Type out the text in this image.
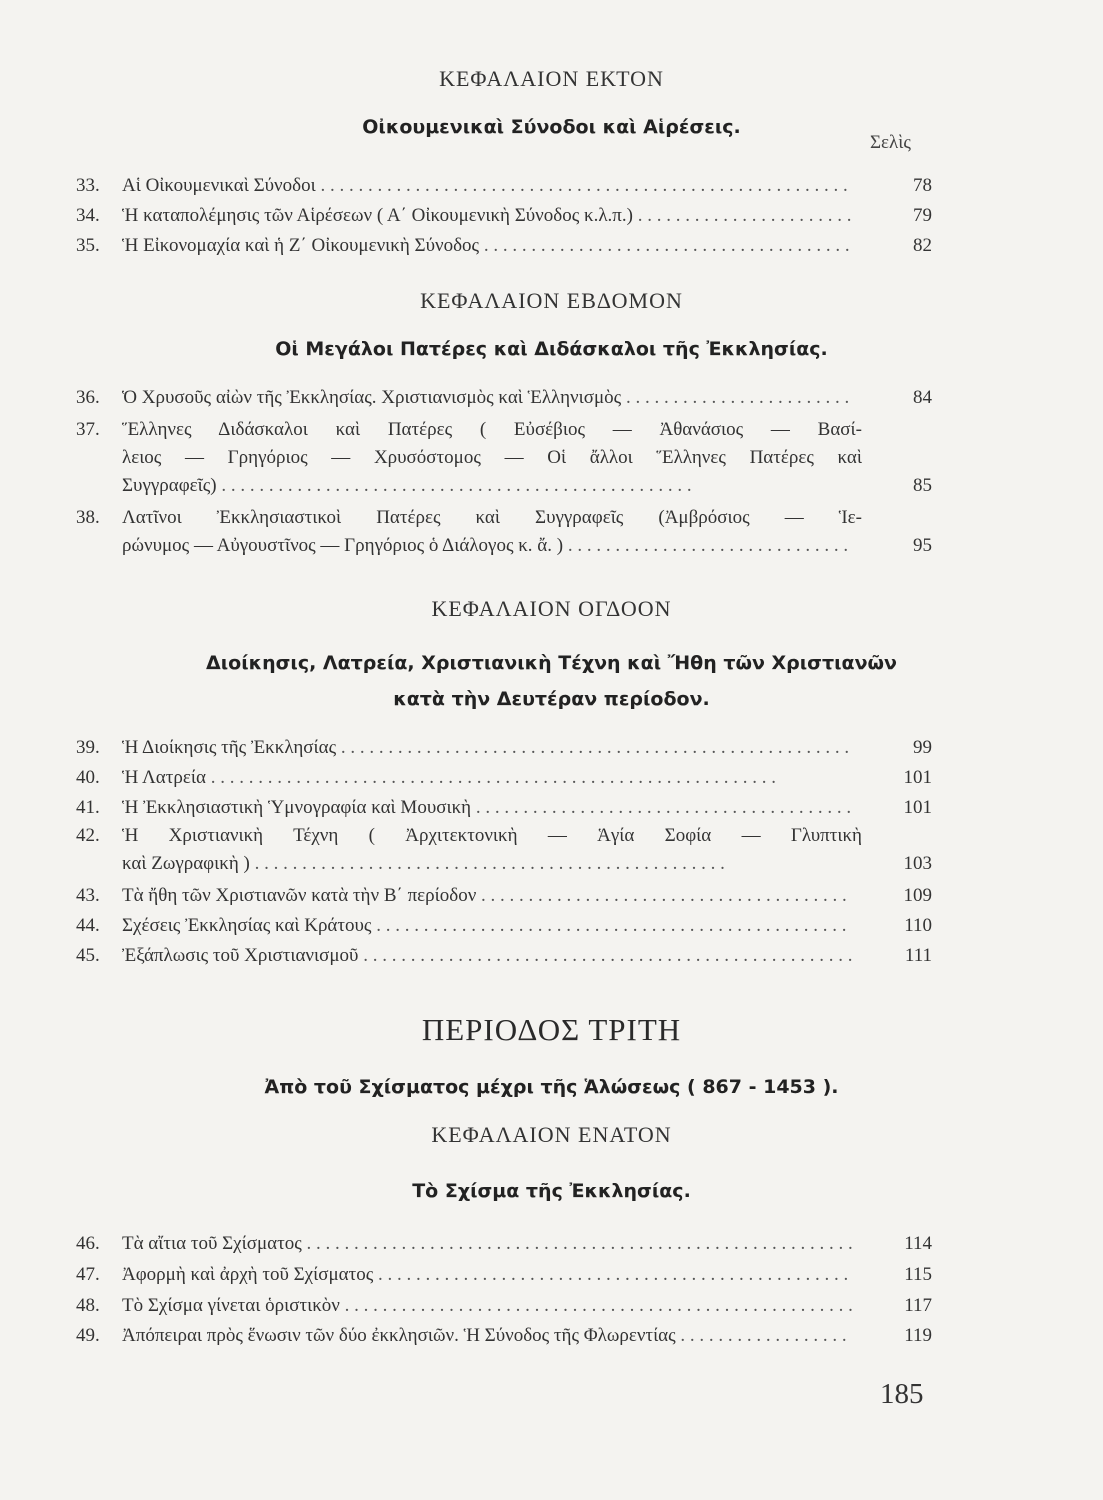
ΚΕΦΑΛΑΙΟΝ ΕΚΤΟΝ
Οἰκουμενικαὶ Σύνοδοι καὶ Αἱρέσεις.
Σελὶς
33.	Αἱ Οἰκουμενικαὶ Σύνοδοι . . .	78
34.	Ἡ καταπολέμησις τῶν Αἱρέσεων ( Α΄ Οἰκουμενικὴ Σύνοδος κ.λ.π.) . . .	79
35.	Ἡ Εἰκονομαχία καὶ ἡ Ζ΄ Οἰκουμενικὴ Σύνοδος . . .	82
ΚΕΦΑΛΑΙΟΝ ΕΒΔΟΜΟΝ
Οἱ Μεγάλοι Πατέρες καὶ Διδάσκαλοι τῆς Ἐκκλησίας.
36.	Ὁ Χρυσοῦς αἰὼν τῆς Ἐκκλησίας. Χριστιανισμὸς καὶ Ἑλληνισμὸς . . .	84
37.	Ἕλληνες Διδάσκαλοι καὶ Πατέρες ( Εὐσέβιος — Ἀθανάσιος — Βασί-
λειος — Γρηγόριος — Χρυσόστομος — Οἱ ἄλλοι Ἕλληνες Πατέρες καὶ
Συγγραφεῖς) . . .	85
38.	Λατῖνοι Ἐκκλησιαστικοὶ Πατέρες καὶ Συγγραφεῖς (Ἀμβρόσιος — Ἱε-
ρώνυμος — Αὐγουστῖνος — Γρηγόριος ὁ Διάλογος κ. ἄ. ) . . .	95
ΚΕΦΑΛΑΙΟΝ ΟΓΔΟΟΝ
Διοίκησις, Λατρεία, Χριστιανικὴ Τέχνη καὶ Ἤθη τῶν Χριστιανῶν
κατὰ τὴν Δευτέραν περίοδον.
39.	Ἡ Διοίκησις τῆς Ἐκκλησίας . . .	99
40.	Ἡ Λατρεία . . .	101
41.	Ἡ Ἐκκλησιαστικὴ Ὑμνογραφία καὶ Μουσικὴ . . .	101
42.	Ἡ Χριστιανικὴ Τέχνη ( Ἀρχιτεκτονικὴ — Ἁγία Σοφία — Γλυπτικὴ
καὶ Ζωγραφικὴ ) . . .	103
43.	Τὰ ἤθη τῶν Χριστιανῶν κατὰ τὴν Β΄ περίοδον . . .	109
44.	Σχέσεις Ἐκκλησίας καὶ Κράτους . . .	110
45.	Ἐξάπλωσις τοῦ Χριστιανισμοῦ . . .	111
ΠΕΡΙΟΔΟΣ ΤΡΙΤΗ
Ἀπὸ τοῦ Σχίσματος μέχρι τῆς Ἁλώσεως ( 867 - 1453 ).
ΚΕΦΑΛΑΙΟΝ ΕΝΑΤΟΝ
Τὸ Σχίσμα τῆς Ἐκκλησίας.
46.	Τὰ αἴτια τοῦ Σχίσματος . . .	114
47.	Ἀφορμὴ καὶ ἀρχὴ τοῦ Σχίσματος . . .	115
48.	Τὸ Σχίσμα γίνεται ὁριστικὸν . . .	117
49.	Ἀπόπειραι πρὸς ἕνωσιν τῶν δύο ἐκκλησιῶν. Ἡ Σύνοδος τῆς Φλωρεντίας . . .	119
185
